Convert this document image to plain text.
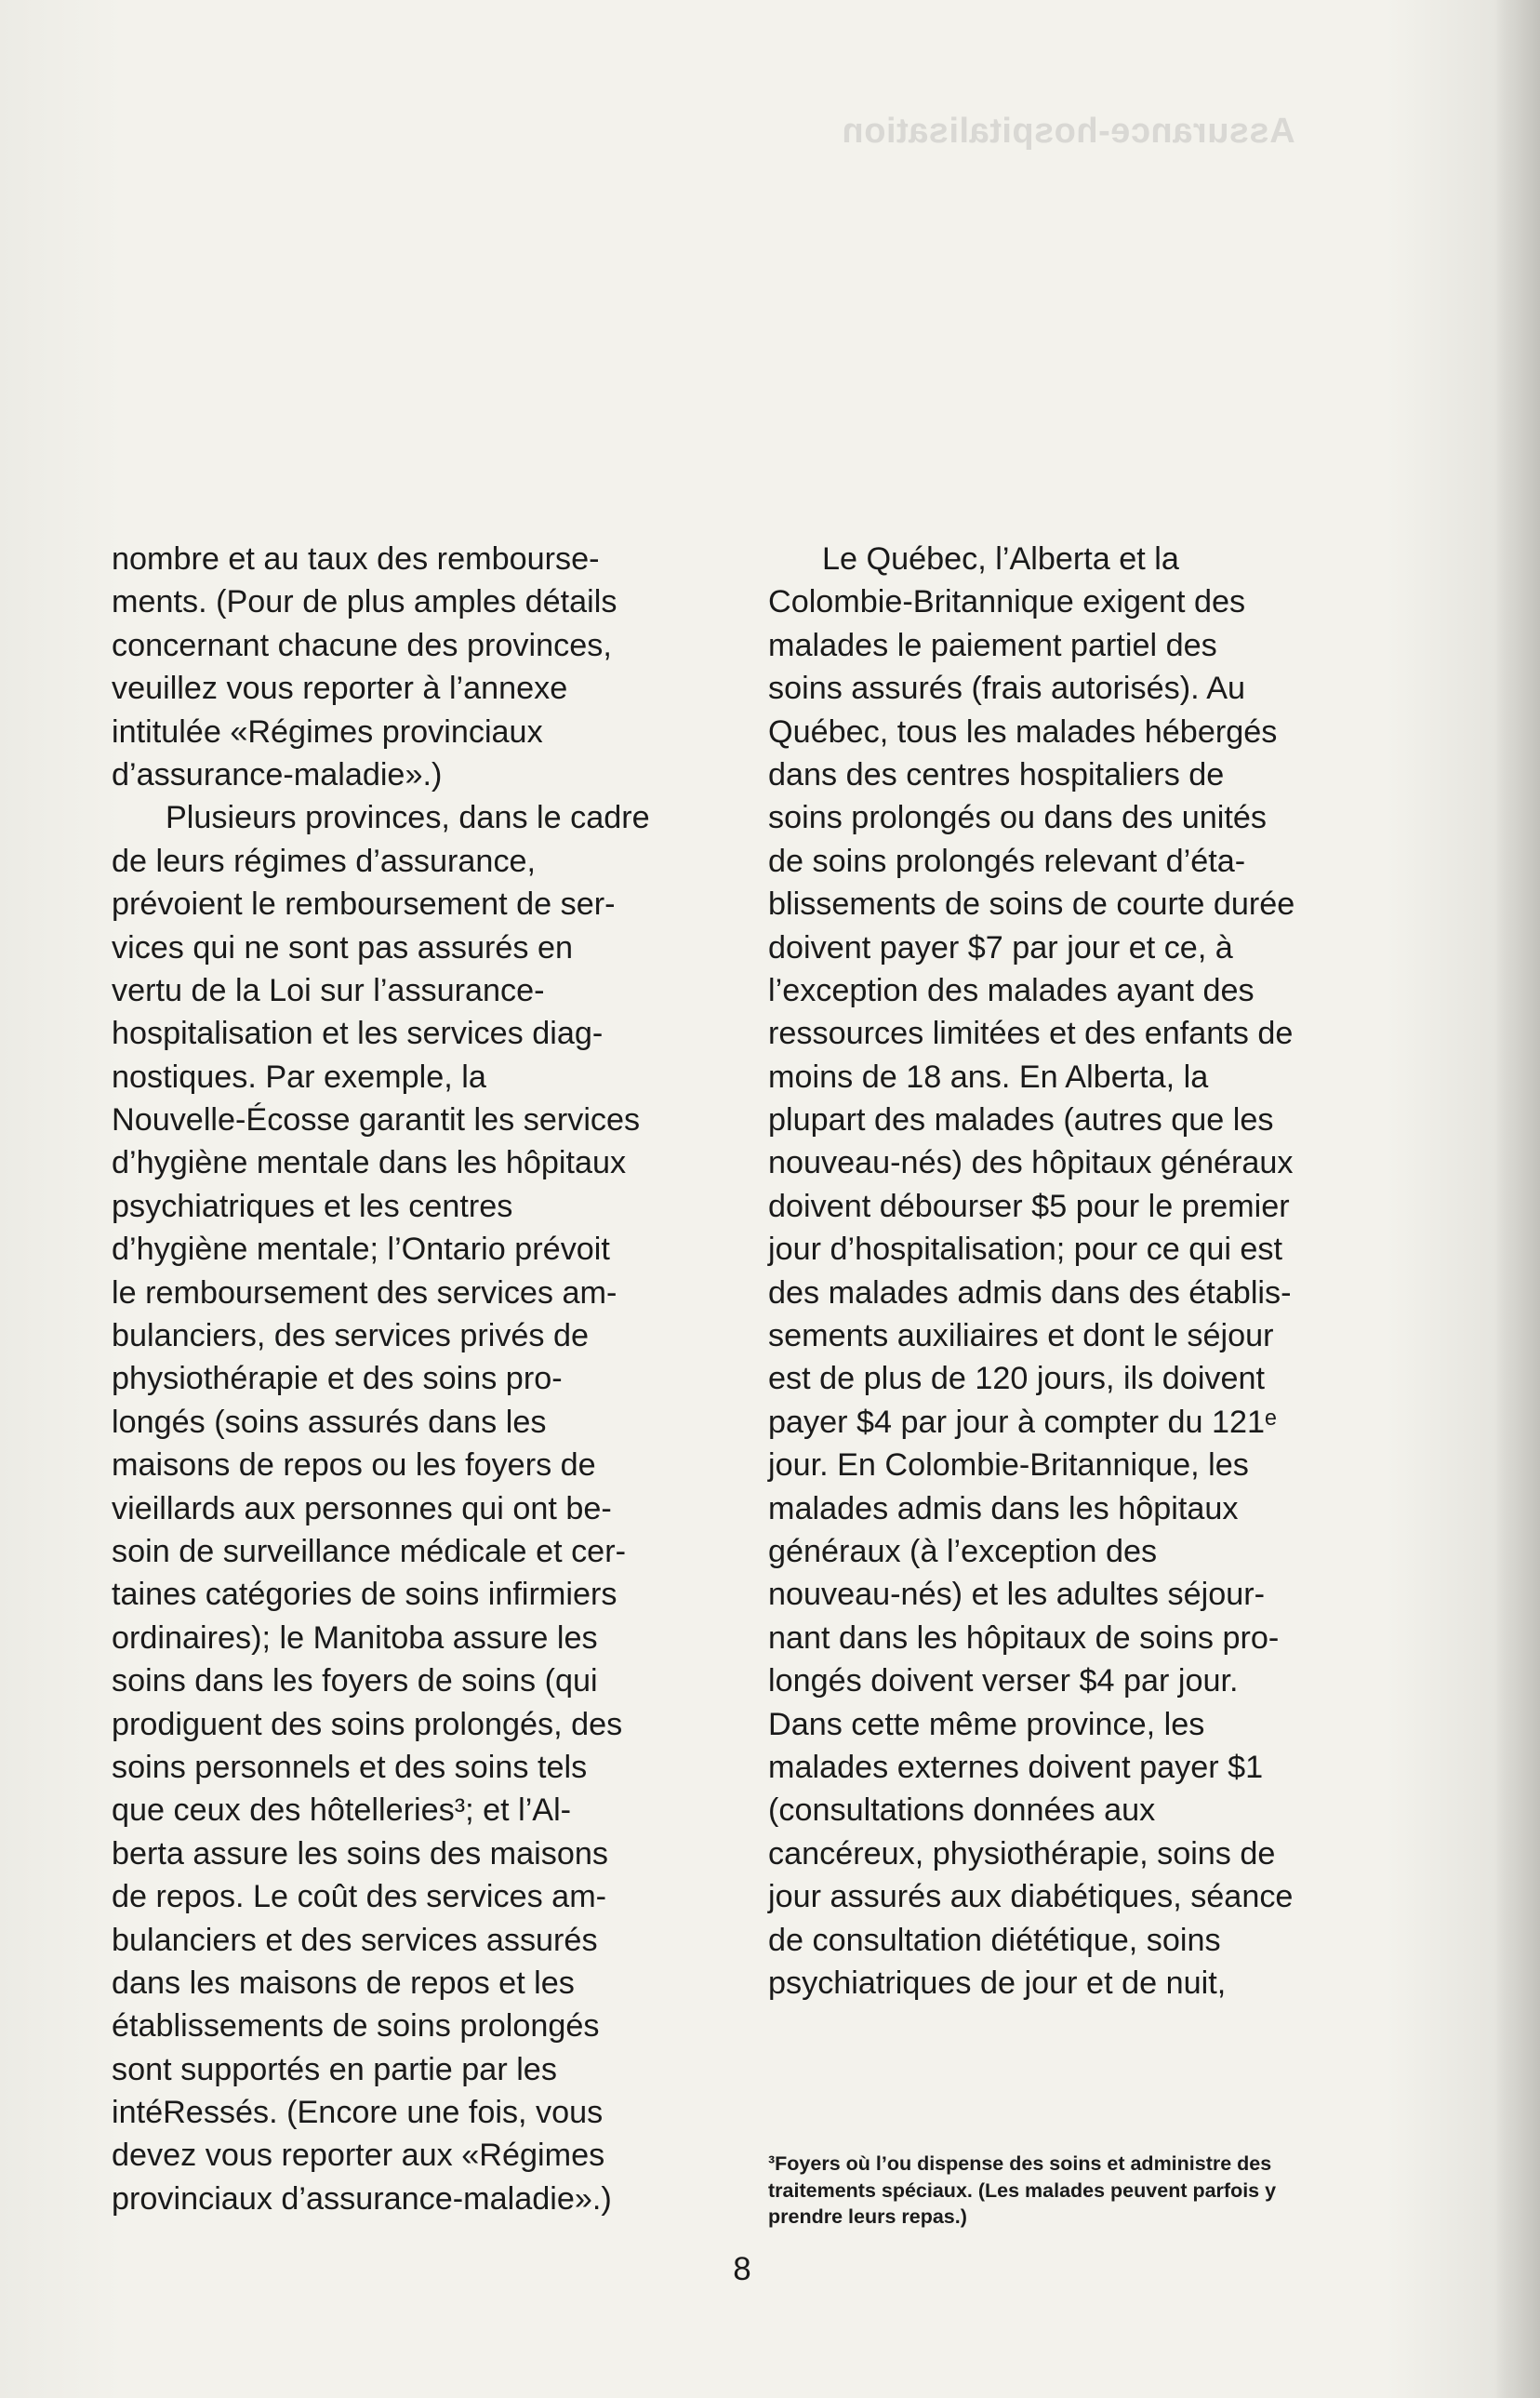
Assurance-hospitalisation
nombre et au taux des rembourse-
ments. (Pour de plus amples détails
concernant chacune des provinces,
veuillez vous reporter à l’annexe
intitulée «Régimes provinciaux
d’assurance-maladie».)
Plusieurs provinces, dans le cadre
de leurs régimes d’assurance,
prévoient le remboursement de ser-
vices qui ne sont pas assurés en
vertu de la Loi sur l’assurance-
hospitalisation et les services diag-
nostiques. Par exemple, la
Nouvelle-Écosse garantit les services
d’hygiène mentale dans les hôpitaux
psychiatriques et les centres
d’hygiène mentale; l’Ontario prévoit
le remboursement des services am-
bulanciers, des services privés de
physiothérapie et des soins pro-
longés (soins assurés dans les
maisons de repos ou les foyers de
vieillards aux personnes qui ont be-
soin de surveillance médicale et cer-
taines catégories de soins infirmiers
ordinaires); le Manitoba assure les
soins dans les foyers de soins (qui
prodiguent des soins prolongés, des
soins personnels et des soins tels
que ceux des hôtelleries³; et l’Al-
berta assure les soins des maisons
de repos. Le coût des services am-
bulanciers et des services assurés
dans les maisons de repos et les
établissements de soins prolongés
sont supportés en partie par les
intéRessés. (Encore une fois, vous
devez vous reporter aux «Régimes
provinciaux d’assurance-maladie».)
Le Québec, l’Alberta et la
Colombie-Britannique exigent des
malades le paiement partiel des
soins assurés (frais autorisés). Au
Québec, tous les malades hébergés
dans des centres hospitaliers de
soins prolongés ou dans des unités
de soins prolongés relevant d’éta-
blissements de soins de courte durée
doivent payer $7 par jour et ce, à
l’exception des malades ayant des
ressources limitées et des enfants de
moins de 18 ans. En Alberta, la
plupart des malades (autres que les
nouveau-nés) des hôpitaux généraux
doivent débourser $5 pour le premier
jour d’hospitalisation; pour ce qui est
des malades admis dans des établis-
sements auxiliaires et dont le séjour
est de plus de 120 jours, ils doivent
payer $4 par jour à compter du 121ᵉ
jour. En Colombie-Britannique, les
malades admis dans les hôpitaux
généraux (à l’exception des
nouveau-nés) et les adultes séjour-
nant dans les hôpitaux de soins pro-
longés doivent verser $4 par jour.
Dans cette même province, les
malades externes doivent payer $1
(consultations données aux
cancéreux, physiothérapie, soins de
jour assurés aux diabétiques, séance
de consultation diététique, soins
psychiatriques de jour et de nuit,
³Foyers où l’ou dispense des soins et administre des
traitements spéciaux. (Les malades peuvent parfois y
prendre leurs repas.)
8
